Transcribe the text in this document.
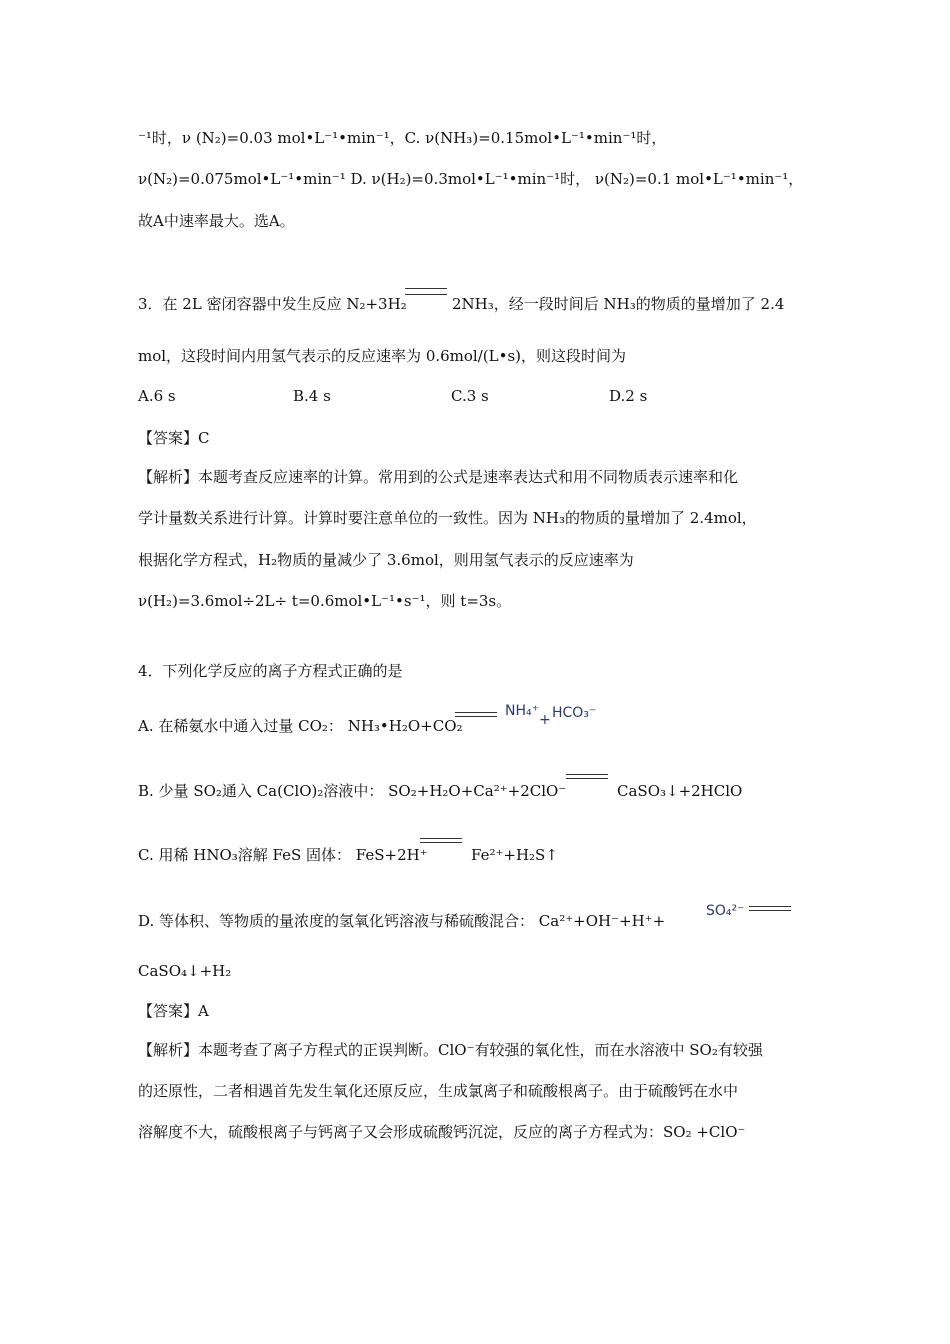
⁻¹时，ν (N₂)=0.03 mol•L⁻¹•min⁻¹，C. ν(NH₃)=0.15mol•L⁻¹•min⁻¹时，
ν(N₂)=0.075mol•L⁻¹•min⁻¹ D. ν(H₂)=0.3mol•L⁻¹•min⁻¹时， ν(N₂)=0.1 mol•L⁻¹•min⁻¹，
故A中速率最大。选A。
3．在 2L 密闭容器中发生反应 N₂+3H₂	2NH₃，经一段时间后 NH₃的物质的量增加了 2.4
mol，这段时间内用氢气表示的反应速率为 0.6mol/(L•s)，则这段时间为
A.6 s	B.4 s	C.3 s	D.2 s
【答案】C
【解析】本题考查反应速率的计算。常用到的公式是速率表达式和用不同物质表示速率和化
学计量数关系进行计算。计算时要注意单位的一致性。因为 NH₃的物质的量增加了 2.4mol，
根据化学方程式，H₂物质的量减少了 3.6mol，则用氢气表示的反应速率为
ν(H₂)=3.6mol÷2L÷ t=0.6mol•L⁻¹•s⁻¹，则 t=3s。
4．下列化学反应的离子方程式正确的是
A. 在稀氨水中通入过量 CO₂： NH₃•H₂O+CO₂
NH₄⁺
+ HCO₃⁻
B. 少量 SO₂通入 Ca(ClO)₂溶液中： SO₂+H₂O+Ca²⁺+2ClO⁻	CaSO₃↓+2HClO
C. 用稀 HNO₃溶解 FeS 固体： FeS+2H⁺	Fe²⁺+H₂S↑
D. 等体积、等物质的量浓度的氢氧化钙溶液与稀硫酸混合： Ca²⁺+OH⁻+H⁺+
SO₄²⁻
CaSO₄↓+H₂
【答案】A
【解析】本题考查了离子方程式的正误判断。ClO⁻有较强的氧化性，而在水溶液中 SO₂有较强
的还原性，二者相遇首先发生氧化还原反应，生成氯离子和硫酸根离子。由于硫酸钙在水中
溶解度不大，硫酸根离子与钙离子又会形成硫酸钙沉淀，反应的离子方程式为：SO₂ +ClO⁻
